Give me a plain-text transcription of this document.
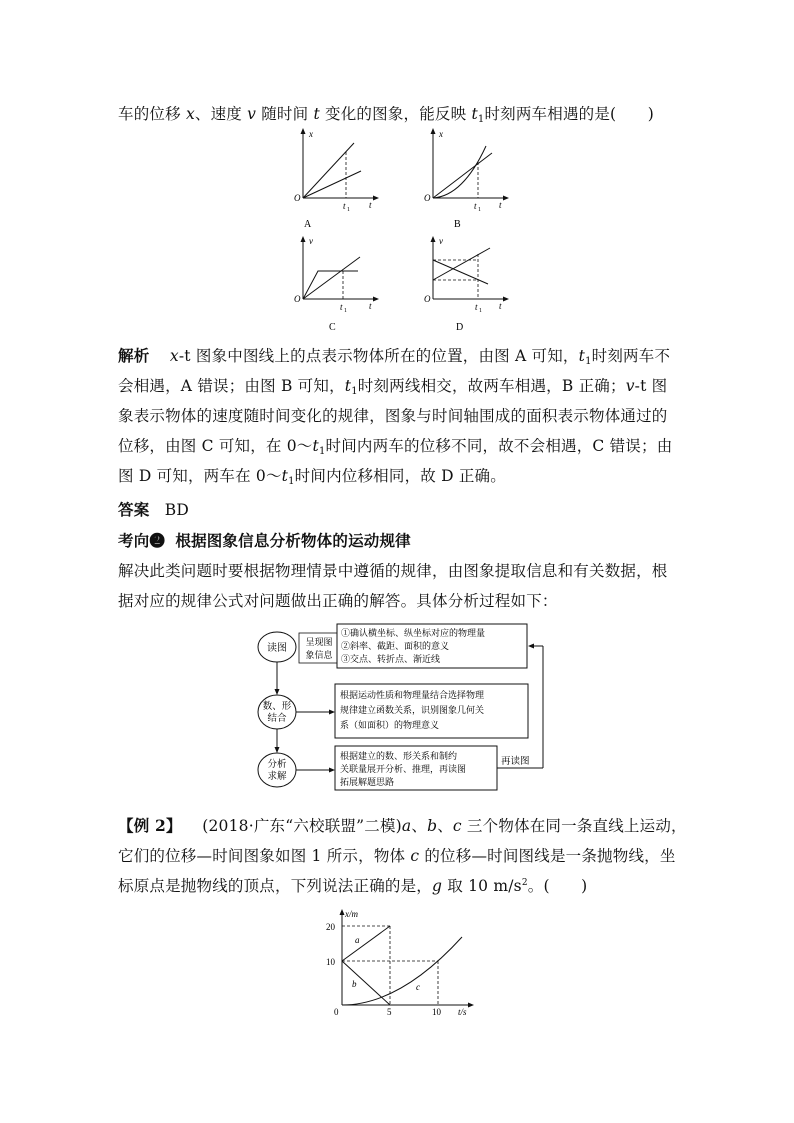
车的位移 x、速度 v 随时间 t 变化的图象，能反映 $t_1$时刻两车相遇的是(　　)
x
O
t
t 1
A
x
O
t
t 1
B
v
O
t
t 1
C
v
O
t
t 1
D
解析 x-t 图象中图线上的点表示物体所在的位置，由图 A 可知，$t_1$时刻两车不
会相遇，A 错误；由图 B 可知，$t_1$时刻两线相交，故两车相遇，B 正确；v-t 图
象表示物体的速度随时间变化的规律，图象与时间轴围成的面积表示物体通过的
位移，由图 C 可知，在 $0\sim t_1$时间内两车的位移不同，故不会相遇，C 错误；由
图 D 可知，两车在 $0\sim t_1$时间内位移相同，故 D 正确。
答案 BD
考向❷ 根据图象信息分析物体的运动规律
解决此类问题时要根据物理情景中遵循的规律，由图象提取信息和有关数据，根
据对应的规律公式对问题做出正确的解答。具体分析过程如下：
读图
数、形
结合
分析
求解
呈现图
象信息
①确认横坐标、纵坐标对应的物理量
②斜率、截距、面积的意义
③交点、转折点、渐近线
根据运动性质和物理量结合选择物理
规律建立函数关系，识别图象几何关
系（如面积）的物理意义
根据建立的数、形关系和制约
关联量展开分析、推理，再读图
拓展解题思路
再读图
【例 2】 (2018·广东“六校联盟”二模)a、b、c 三个物体在同一条直线上运动，
它们的位移—时间图象如图 1 所示，物体 c 的位移—时间图线是一条抛物线，坐
标原点是抛物线的顶点，下列说法正确的是，g 取 10 $m/s^2$。(　　)
x/m
t/s
20
10
0	5	10
a
b	c
